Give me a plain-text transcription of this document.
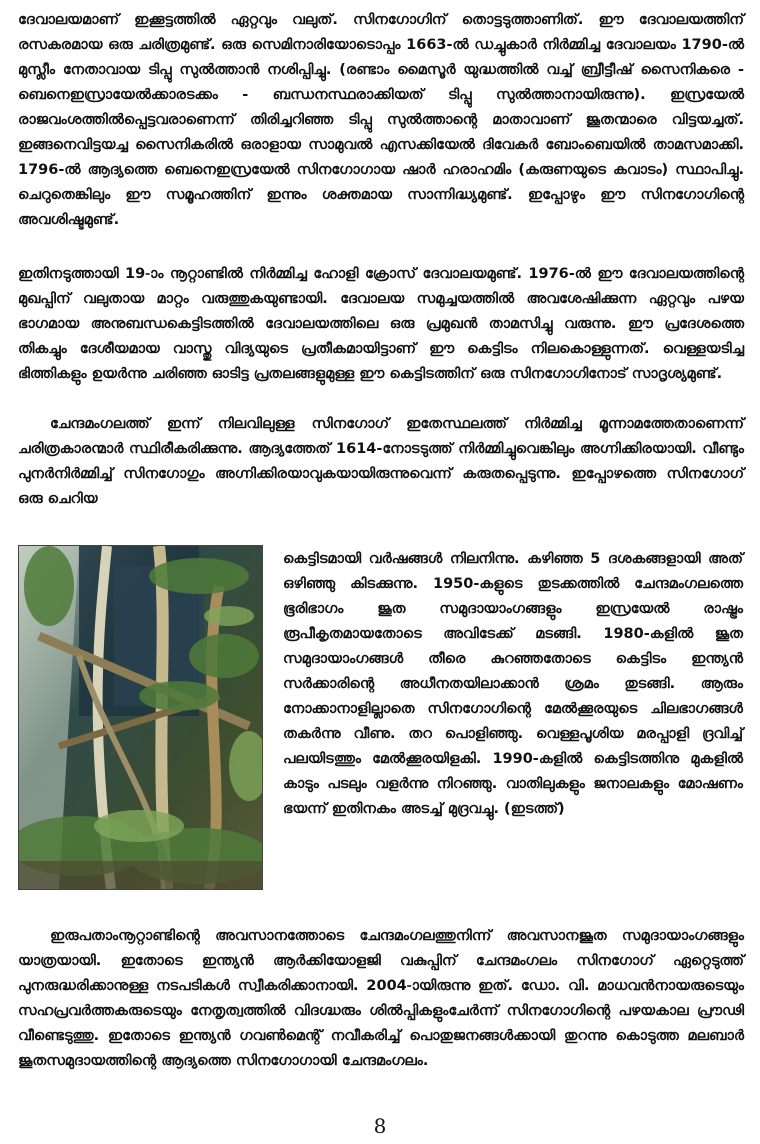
ദേവാലയമാണ് ഇക്കൂട്ടത്തിൽ ഏറ്റവും വലുത്. സിനഗോഗിന് തൊട്ടടുത്താണിത്. ഈ ദേവാലയത്തിന് രസകരമായ ഒരു ചരിത്രമുണ്ട്. ഒരു സെമിനാരിയോടൊപ്പം 1663-ൽ ഡച്ചുകാർ നിർമ്മിച്ച ദേവാലയം 1790-ൽ മുസ്ലീം നേതാവായ ടിപ്പു സുൽത്താൻ നശിപ്പിച്ചു. (രണ്ടാം മൈസൂർ യുദ്ധത്തിൽ വച്ച് ബ്രീട്ടീഷ് സൈനികരെ - ബെനെഇസ്രായേൽക്കാരടക്കം - ബന്ധനസ്ഥരാക്കിയത് ടിപ്പു സുൽത്താനായിരുന്നു). ഇസ്രയേൽ രാജവംശത്തിൽപ്പെട്ടവരാണെന്ന് തിരിച്ചറിഞ്ഞ ടിപ്പു സുൽത്താന്റെ മാതാവാണ് ജൂതന്മാരെ വിട്ടയച്ചത്. ഇങ്ങനെവിട്ടയച്ച സൈനികരിൽ ഒരാളായ സാമുവൽ എസക്കിയേൽ ദിവേകർ ബോംബെയിൽ താമസമാക്കി. 1796-ൽ ആദ്യത്തെ ബെനെഇസ്രയേൽ സിനഗോഗായ ഷാർ ഹരാഹമിം (കരുണയുടെ കവാടം) സ്ഥാപിച്ചു. ചെറുതെങ്കിലും ഈ സമൂഹത്തിന് ഇന്നും ശക്തമായ സാന്നിദ്ധ്യമുണ്ട്. ഇപ്പോഴും ഈ സിനഗോഗിന്റെ അവശിഷ്ടമുണ്ട്.

ഇതിനടുത്തായി 19-ാം നൂറ്റാണ്ടിൽ നിർമ്മിച്ച ഹോളി ക്രോസ് ദേവാലയമുണ്ട്. 1976-ൽ ഈ ദേവാലയത്തിന്റെ മുഖപ്പിന് വലുതായ മാറ്റം വരുത്തുകയുണ്ടായി. ദേവാലയ സമുച്ചയത്തിൽ അവശേഷിക്കുന്ന ഏറ്റവും പഴയ ഭാഗമായ അനുബന്ധകെട്ടിടത്തിൽ ദേവാലയത്തിലെ ഒരു പ്രമുഖൻ താമസിച്ചു വരുന്നു. ഈ പ്രദേശത്തെ തികച്ചും ദേശീയമായ വാസ്തു വിദ്യയുടെ പ്രതീകമായിട്ടാണ് ഈ കെട്ടിടം നിലകൊള്ളുന്നത്. വെള്ളയടിച്ച ഭിത്തികളും ഉയർന്നു ചരിഞ്ഞ ഓടിട്ട പ്രതലങ്ങളുമുള്ള ഈ കെട്ടിടത്തിന് ഒരു സിനഗോഗിനോട് സാദൃശ്യമുണ്ട്.

ചേന്ദമംഗലത്ത് ഇന്ന് നിലവിലുള്ള സിനഗോഗ് ഇതേസ്ഥലത്ത് നിർമ്മിച്ച മൂന്നാമത്തേതാണെന്ന് ചരിത്രകാരന്മാർ സ്ഥിരീകരിക്കുന്നു. ആദ്യത്തേത് 1614-നോടടുത്ത് നിർമ്മിച്ചുവെങ്കിലും അഗ്നിക്കിരയായി. വീണ്ടും പുനർനിർമ്മിച്ച് സിനഗോഗും അഗ്നിക്കിരയാവുകയായിരുന്നുവെന്ന് കരുതപ്പെടുന്നു. ഇപ്പോഴത്തെ സിനഗോഗ് ഒരു ചെറിയ

കെട്ടിടമായി വർഷങ്ങൾ നിലനിന്നു. കഴിഞ്ഞ 5 ദശകങ്ങളായി അത് ഒഴിഞ്ഞു കിടക്കുന്നു. 1950-കളുടെ തുടക്കത്തിൽ ചേന്ദമംഗലത്തെ ഭൂരിഭാഗം ജൂത സമുദായാംഗങ്ങളും ഇസ്രയേൽ രാഷ്ട്രം രൂപീകൃതമായതോടെ അവിടേക്ക് മടങ്ങി. 1980-കളിൽ ജൂത സമുദായാംഗങ്ങൾ തീരെ കുറഞ്ഞതോടെ കെട്ടിടം ഇന്ത്യൻ സർക്കാരിന്റെ അധീനതയിലാക്കാൻ ശ്രമം തുടങ്ങി. ആരും നോക്കാനാളില്ലാതെ സിനഗോഗിന്റെ മേൽക്കൂരയുടെ ചിലഭാഗങ്ങൾ തകർന്നു വീണു. തറ പൊളിഞ്ഞു. വെള്ളപൂശിയ മരപ്പാളി ദ്രവിച്ച് പലയിടത്തും മേൽക്കൂരയിളകി. 1990-കളിൽ കെട്ടിടത്തിനു മുകളിൽ കാടും പടലും വളർന്നു നിറഞ്ഞു. വാതിലുകളും ജനാലകളും മോഷണം ഭയന്ന് ഇതിനകം അടച്ച് മുദ്രവച്ചു. (ഇടത്ത്)

ഇരുപതാംനൂറ്റാണ്ടിന്റെ അവസാനത്തോടെ ചേന്ദമംഗലത്തുനിന്ന് അവസാനജൂത സമുദായാംഗങ്ങളും യാത്രയായി. ഇതോടെ ഇന്ത്യൻ ആർക്കിയോളജി വകുപ്പിന് ചേന്ദമംഗലം സിനഗോഗ് ഏറ്റെടുത്ത് പുനരുദ്ധരിക്കാനുള്ള നടപടികൾ സ്വീകരിക്കാനായി. 2004-ായിരുന്നു ഇത്. ഡോ. വി. മാധവൻനായരുടെയും സഹപ്രവർത്തകരുടെയും നേതൃത്വത്തിൽ വിദഗ്ദ്ധരും ശിൽപ്പികളുംചേർന്ന് സിനഗോഗിന്റെ പഴയകാല പ്രൗഢി വീണ്ടെടുത്തു. ഇതോടെ ഇന്ത്യൻ ഗവൺമെന്റ് നവീകരിച്ച് പൊതുജനങ്ങൾക്കായി തുറന്നു കൊടുത്ത മലബാർ ജൂതസമുദായത്തിന്റെ ആദ്യത്തെ സിനഗോഗായി ചേന്ദമംഗലം.

8
